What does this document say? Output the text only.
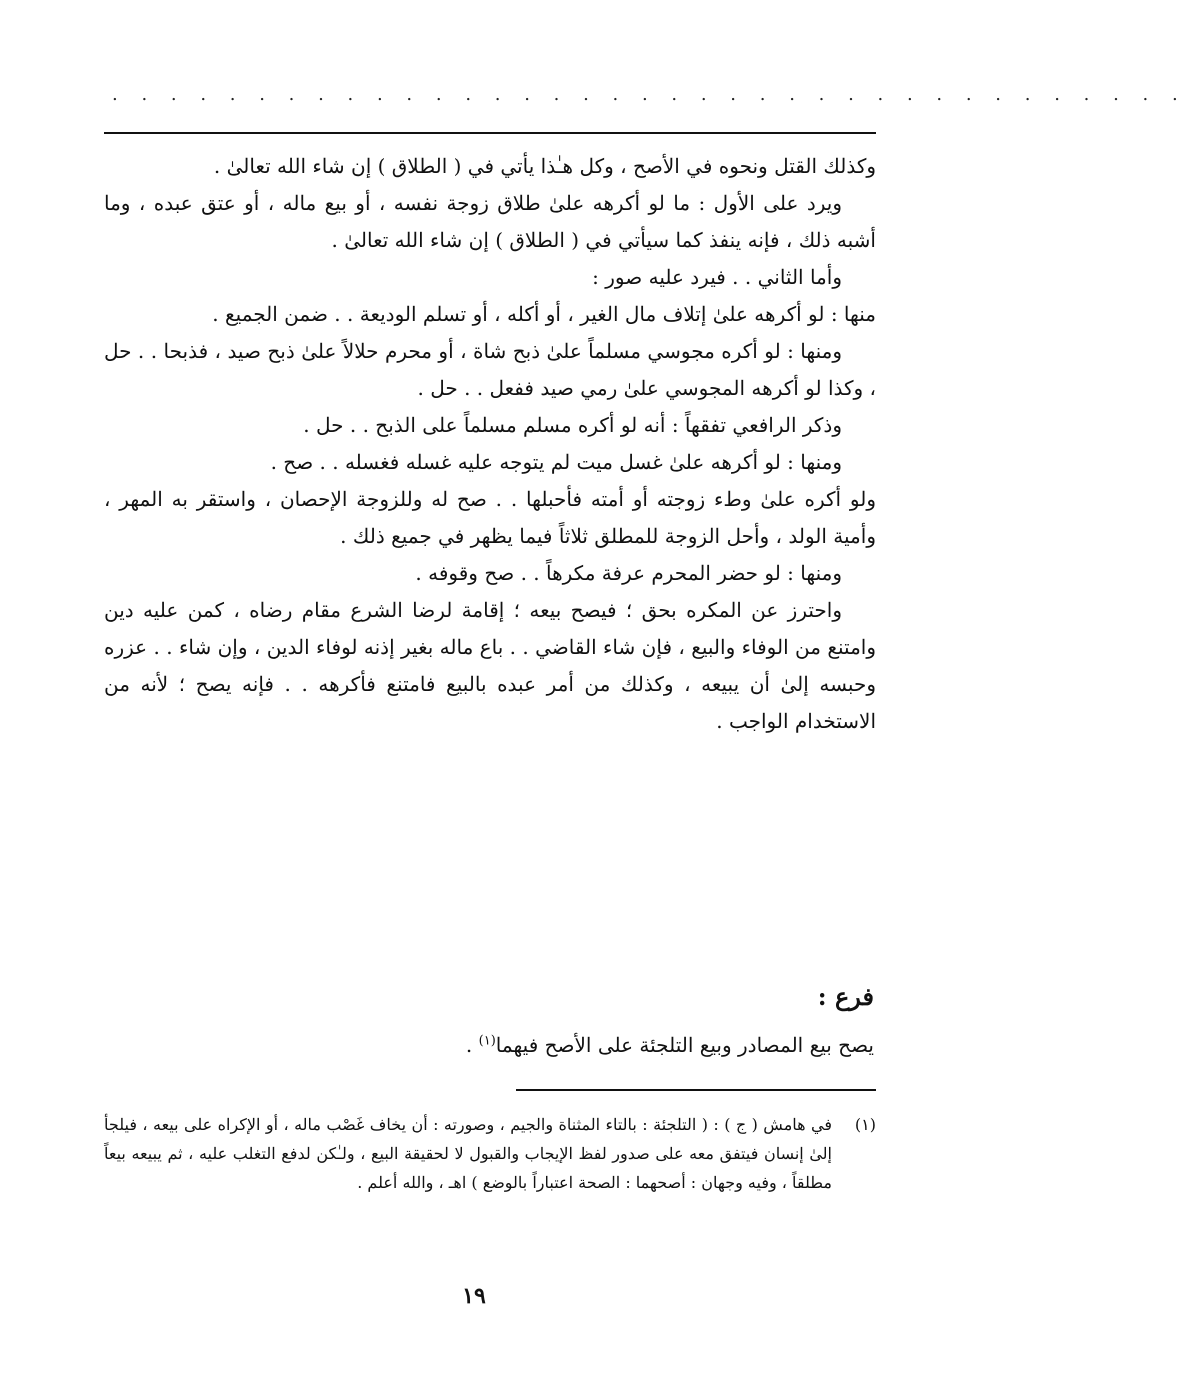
. . . . . . . . . . . . . . . . . . . . . . . . . . . . . . . . . . . . .

وكذلك القتل ونحوه في الأصح ، وكل هـٰذا يأتي في ( الطلاق ) إن شاء الله تعالىٰ .

ويرد على الأول : ما لو أكرهه علىٰ طلاق زوجة نفسه ، أو بيع ماله ، أو عتق عبده ، وما أشبه ذلك ، فإنه ينفذ كما سيأتي في ( الطلاق ) إن شاء الله تعالىٰ .

وأما الثاني . . فيرد عليه صور :

منها : لو أكرهه علىٰ إتلاف مال الغير ، أو أكله ، أو تسلم الوديعة . . ضمن الجميع .

ومنها : لو أكره مجوسي مسلماً علىٰ ذبح شاة ، أو محرم حلالاً علىٰ ذبح صيد ، فذبحا . . حل ، وكذا لو أكرهه المجوسي علىٰ رمي صيد ففعل . . حل .

وذكر الرافعي تفقهاً : أنه لو أكره مسلم مسلماً على الذبح . . حل .

ومنها : لو أكرهه علىٰ غسل ميت لم يتوجه عليه غسله فغسله . . صح .

ولو أكره علىٰ وطء زوجته أو أمته فأحبلها . . صح له وللزوجة الإحصان ، واستقر به المهر ، وأمية الولد ، وأحل الزوجة للمطلق ثلاثاً فيما يظهر في جميع ذلك .

ومنها : لو حضر المحرم عرفة مكرهاً . . صح وقوفه .

واحترز عن المكره بحق ؛ فيصح بيعه ؛ إقامة لرضا الشرع مقام رضاه ، كمن عليه دين وامتنع من الوفاء والبيع ، فإن شاء القاضي . . باع ماله بغير إذنه لوفاء الدين ، وإن شاء . . عزره وحبسه إلىٰ أن يبيعه ، وكذلك من أمر عبده بالبيع فامتنع فأكرهه . . فإنه يصح ؛ لأنه من الاستخدام الواجب .

فرع :
يصح بيع المصادر وبيع التلجئة على الأصح فيهما$^{(١)}$ .
(١)
في هامش ( ج ) : ( التلجئة : بالتاء المثناة والجيم ، وصورته : أن يخاف غَصْب ماله ، أو الإكراه على بيعه ، فيلجأ إلىٰ إنسان فيتفق معه على صدور لفظ الإيجاب والقبول لا لحقيقة البيع ، ولـٰكن لدفع التغلب عليه ، ثم يبيعه بيعاً مطلقاً ، وفيه وجهان : أصحهما : الصحة اعتباراً بالوضع ) اهـ ، والله أعلم .
١٩
